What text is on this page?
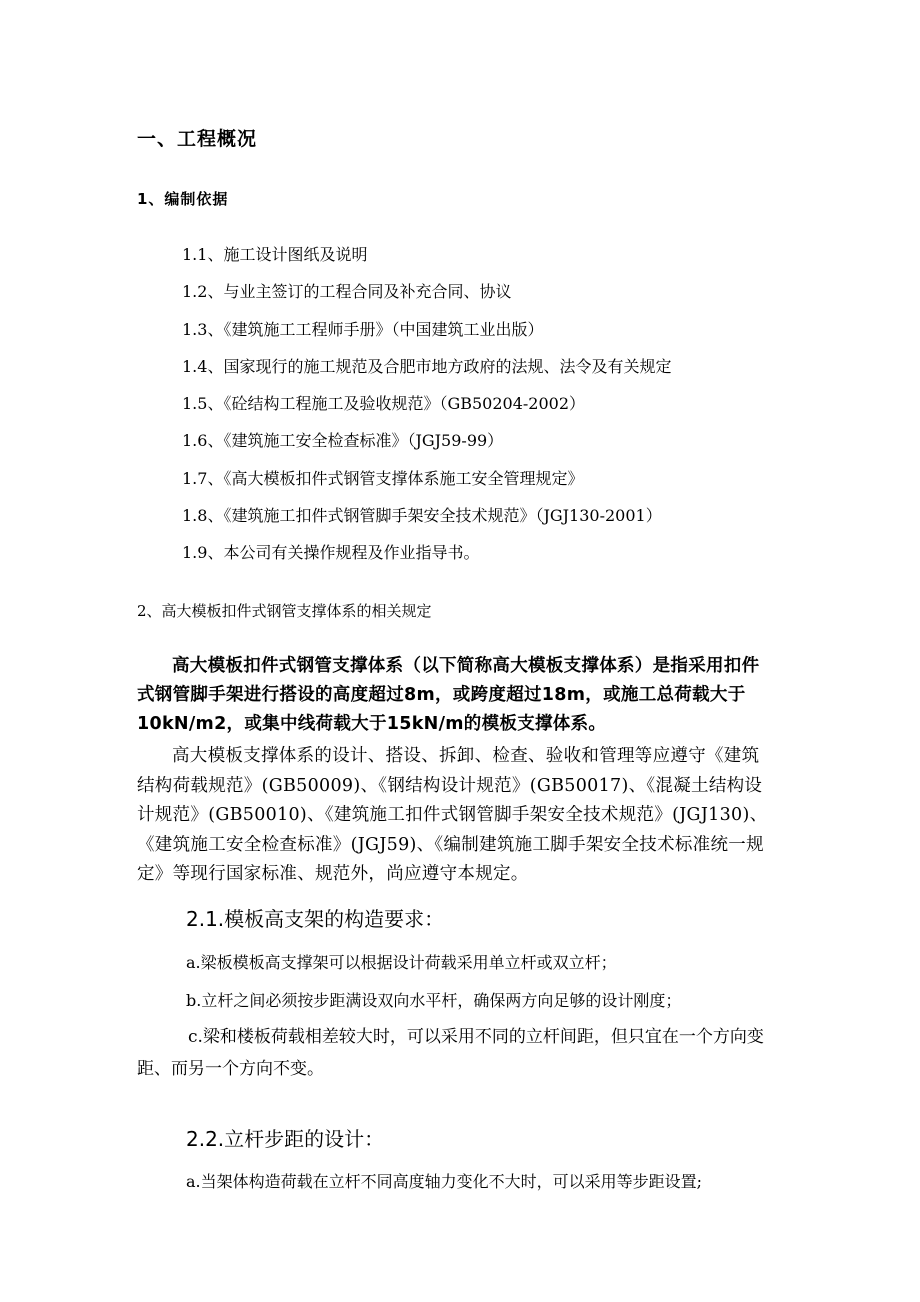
一、工程概况
1、编制依据
1.1、施工设计图纸及说明
1.2、与业主签订的工程合同及补充合同、协议
1.3、《建筑施工工程师手册》（中国建筑工业出版）
1.4、国家现行的施工规范及合肥市地方政府的法规、法令及有关规定
1.5、《砼结构工程施工及验收规范》（GB50204-2002）
1.6、《建筑施工安全检查标准》（JGJ59-99）
1.7、《高大模板扣件式钢管支撑体系施工安全管理规定》
1.8、《建筑施工扣件式钢管脚手架安全技术规范》（JGJ130-2001）
1.9、本公司有关操作规程及作业指导书。
2、高大模板扣件式钢管支撑体系的相关规定

高大模板扣件式钢管支撑体系（以下简称高大模板支撑体系）是指采用扣件式钢管脚手架进行搭设的高度超过8m，或跨度超过18m，或施工总荷载大于10kN/m2，或集中线荷载大于15kN/m的模板支撑体系。

高大模板支撑体系的设计、搭设、拆卸、检查、验收和管理等应遵守《建筑结构荷载规范》(GB50009)、《钢结构设计规范》(GB50017)、《混凝土结构设计规范》(GB50010)、《建筑施工扣件式钢管脚手架安全技术规范》(JGJ130)、《建筑施工安全检查标准》(JGJ59)、《编制建筑施工脚手架安全技术标准统一规定》等现行国家标准、规范外，尚应遵守本规定。

2.1.模板高支架的构造要求：
a.梁板模板高支撑架可以根据设计荷载采用单立杆或双立杆；
b.立杆之间必须按步距满设双向水平杆，确保两方向足够的设计刚度；

c.梁和楼板荷载相差较大时，可以采用不同的立杆间距，但只宜在一个方向变距、而另一个方向不变。

2.2.立杆步距的设计：
a.当架体构造荷载在立杆不同高度轴力变化不大时，可以采用等步距设置;
